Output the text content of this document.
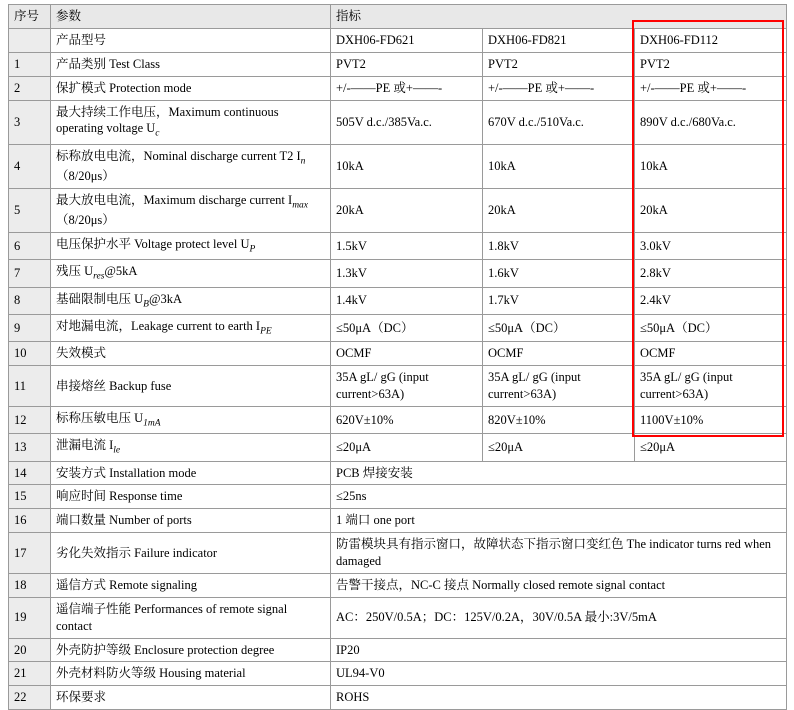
序号	参数	指标		
	产品型号	DXH06-FD621	DXH06-FD821	DXH06-FD112
1	产品类别 Test Class	PVT2	PVT2	PVT2
2	保扩模式 Protection mode	+/-——PE 或+——-	+/-——PE 或+——-	+/-——PE 或+——-
3	最大持续工作电压，Maximum continuous
operating voltage $U_c$	505V d.c./385Va.c.	670V d.c./510Va.c.	890V d.c./680Va.c.
4	标称放电电流，Nominal discharge current T2 $I_n$
（8/20μs）	10kA	10kA	10kA
5	最大放电电流，Maximum discharge current $I_{max}$
（8/20μs）	20kA	20kA	20kA
6	电压保护水平 Voltage protect level $U_P$	1.5kV	1.8kV	3.0kV
7	残压 $U_{res}@5kA$	1.3kV	1.6kV	2.8kV
8	基础限制电压 $U_B@3kA$	1.4kV	1.7kV	2.4kV
9	对地漏电流，Leakage current to earth $I_{PE}$	≤50μA（DC）	≤50μA（DC）	≤50μA（DC）
10	失效模式	OCMF	OCMF	OCMF
11	串接熔丝 Backup fuse	35A gL/ gG (input current>63A)	35A gL/ gG (input current>63A)	35A gL/ gG (input current>63A)
12	标称压敏电压 $U_{1mA}$	620V±10%	820V±10%	1100V±10%
13	泄漏电流 $I_{le}$	≤20μA	≤20μA	≤20μA
14	安装方式 Installation mode	PCB 焊接安装		
15	响应时间 Response time	≤25ns		
16	端口数量 Number of ports	1 端口 one port		
17	劣化失效指示 Failure indicator	防雷模块具有指示窗口，故障状态下指示窗口变红色 The indicator turns red when damaged		
18	遥信方式 Remote signaling	告警干接点，NC-C 接点 Normally closed remote signal contact		
19	遥信端子性能 Performances of remote signal contact	AC：250V/0.5A；DC：125V/0.2A，30V/0.5A 最小:3V/5mA		
20	外壳防护等级 Enclosure protection degree	IP20		
21	外壳材料防火等级 Housing material	UL94-V0		
22	环保要求	ROHS		
